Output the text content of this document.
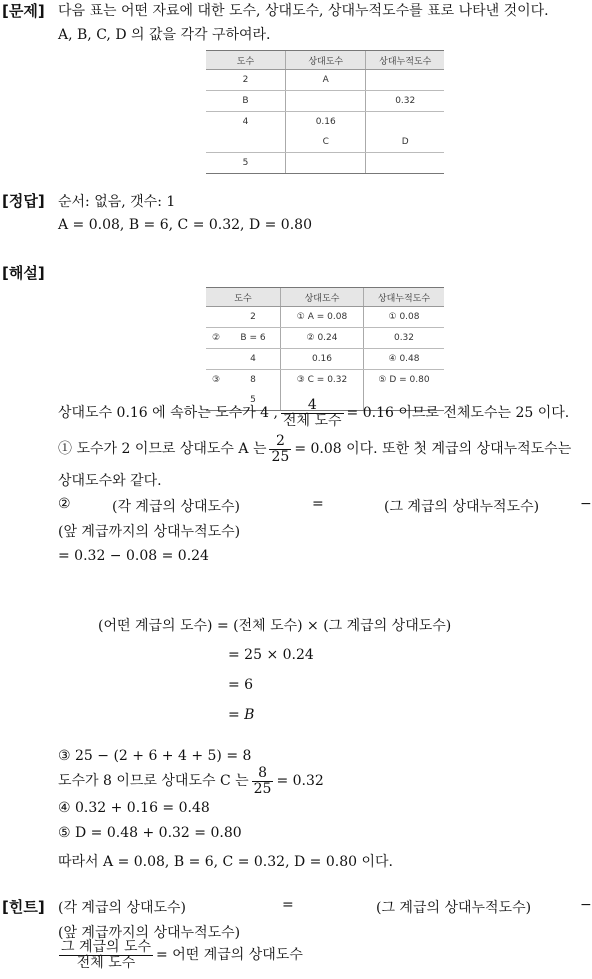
[문제] 다음 표는 어떤 자료에 대한 도수, 상대도수, 상대누적도수를 표로 나타낸 것이다.
A, B, C, D 의 값을 각각 구하여라.
도수	상대도수	상대누적도수
2	A	
B		0.32
4	0.16	
	C	D
5		
[정답] 순서: 없음, 갯수: 1
A = 0.08, B = 6, C = 0.32, D = 0.80
[해설]
도수		상대도수	상대누적도수
	2	① A = 0.08	① 0.08
②	B = 6	② 0.24	0.32
	4	0.16	④ 0.48
③	8	③ C = 0.32	⑤ D = 0.80
	5		
상대도수 0.16 에 속하는 도수가 4 , $\frac{4}{\text{전체 도수}} = 0.16$ 이므로 전체도수는 25 이다.
① 도수가 2 이므로 상대도수 A 는 $\frac{2}{25} = 0.08$ 이다. 또한 첫 계급의 상대누적도수는
상대도수와 같다.
②	(각 계급의 상대도수)	=	(그 계급의 상대누적도수)	−
(앞 계급까지의 상대누적도수)
= 0.32 − 0.08 = 0.24
(어떤 계급의 도수) = (전체 도수) × (그 계급의 상대도수)
= 25 × 0.24
= 6
= B
③ 25 − (2 + 6 + 4 + 5) = 8
도수가 8 이므로 상대도수 C 는 $\frac{8}{25} = 0.32$
④ 0.32 + 0.16 = 0.48
⑤ D = 0.48 + 0.32 = 0.80
따라서 A = 0.08, B = 6, C = 0.32, D = 0.80 이다.
[힌트] (각 계급의 상대도수)	=	(그 계급의 상대누적도수)	−
(앞 계급까지의 상대누적도수)
$\frac{\text{그 계급의 도수}}{\text{전체 도수}}$ = 어떤 계급의 상대도수
